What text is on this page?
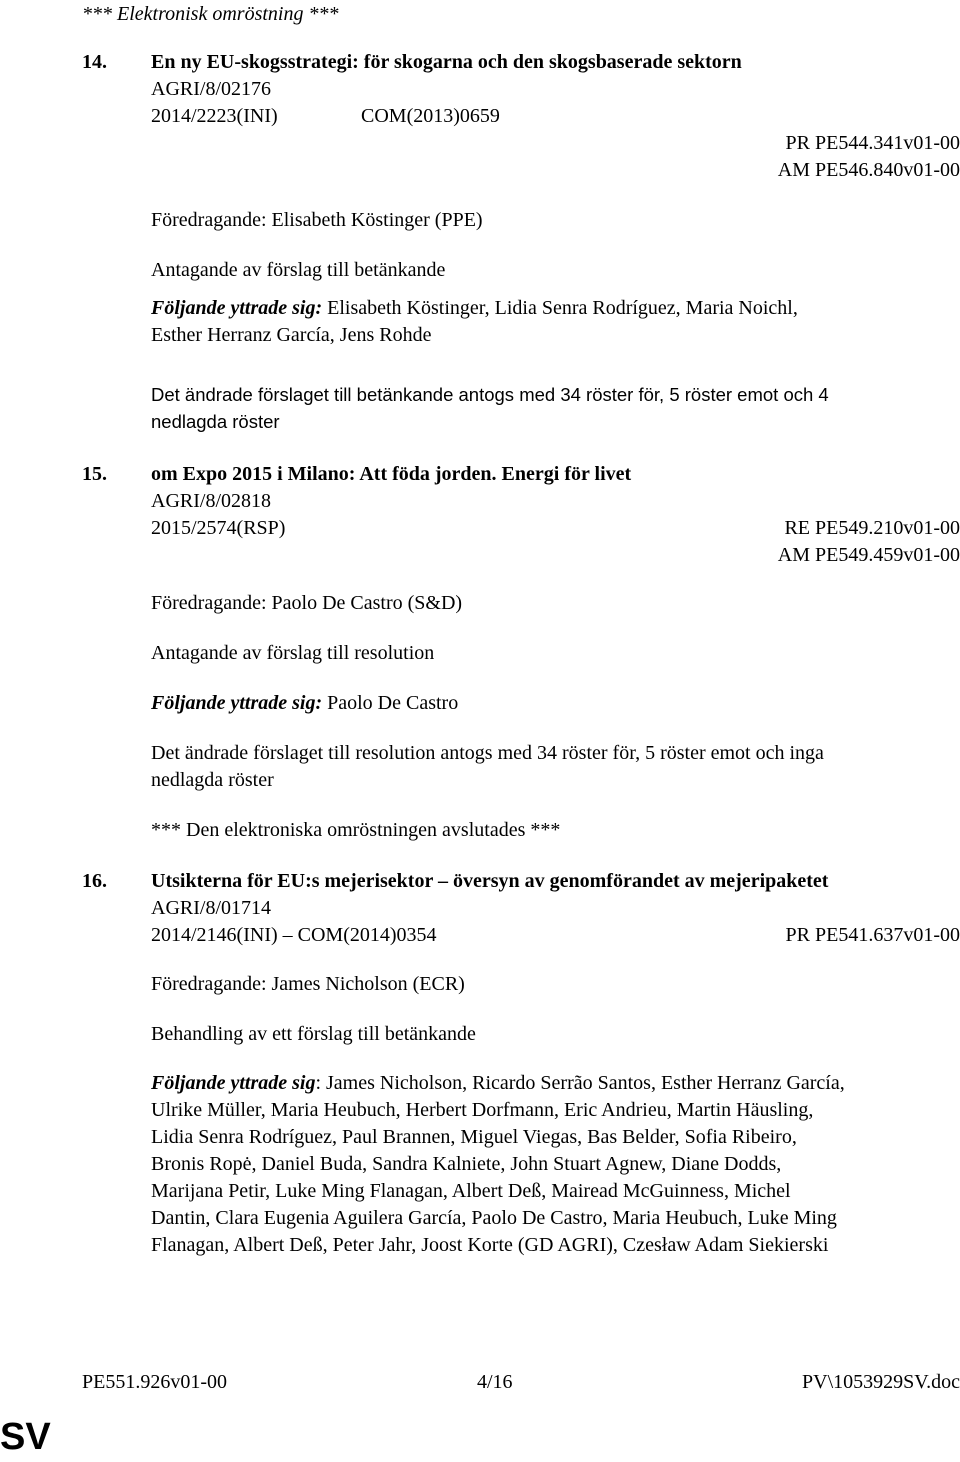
*** Elektronisk omröstning ***
14. En ny EU-skogsstrategi: för skogarna och den skogsbaserade sektorn
AGRI/8/02176
2014/2223(INI)	COM(2013)0659
PR PE544.341v01-00
AM PE546.840v01-00
Föredragande: Elisabeth Köstinger (PPE)
Antagande av förslag till betänkande
Följande yttrade sig: Elisabeth Köstinger, Lidia Senra Rodríguez, Maria Noichl,
Esther Herranz García, Jens Rohde
Det ändrade förslaget till betänkande antogs med 34 röster för, 5 röster emot och 4
nedlagda röster
15. om Expo 2015 i Milano: Att föda jorden. Energi för livet
AGRI/8/02818
2015/2574(RSP)	RE PE549.210v01-00
AM PE549.459v01-00
Föredragande: Paolo De Castro (S&D)
Antagande av förslag till resolution
Följande yttrade sig: Paolo De Castro
Det ändrade förslaget till resolution antogs med 34 röster för, 5 röster emot och inga
nedlagda röster
*** Den elektroniska omröstningen avslutades ***
16. Utsikterna för EU:s mejerisektor – översyn av genomförandet av mejeripaketet
AGRI/8/01714
2014/2146(INI) – COM(2014)0354	PR PE541.637v01-00
Föredragande: James Nicholson (ECR)
Behandling av ett förslag till betänkande
Följande yttrade sig: James Nicholson, Ricardo Serrão Santos, Esther Herranz García,
Ulrike Müller, Maria Heubuch, Herbert Dorfmann, Eric Andrieu, Martin Häusling,
Lidia Senra Rodríguez, Paul Brannen, Miguel Viegas, Bas Belder, Sofia Ribeiro,
Bronis Ropė, Daniel Buda, Sandra Kalniete, John Stuart Agnew, Diane Dodds,
Marijana Petir, Luke Ming Flanagan, Albert Deß, Mairead McGuinness, Michel
Dantin, Clara Eugenia Aguilera García, Paolo De Castro, Maria Heubuch, Luke Ming
Flanagan, Albert Deß, Peter Jahr, Joost Korte (GD AGRI), Czesław Adam Siekierski
PE551.926v01-00	4/16	PV\1053929SV.doc
SV
